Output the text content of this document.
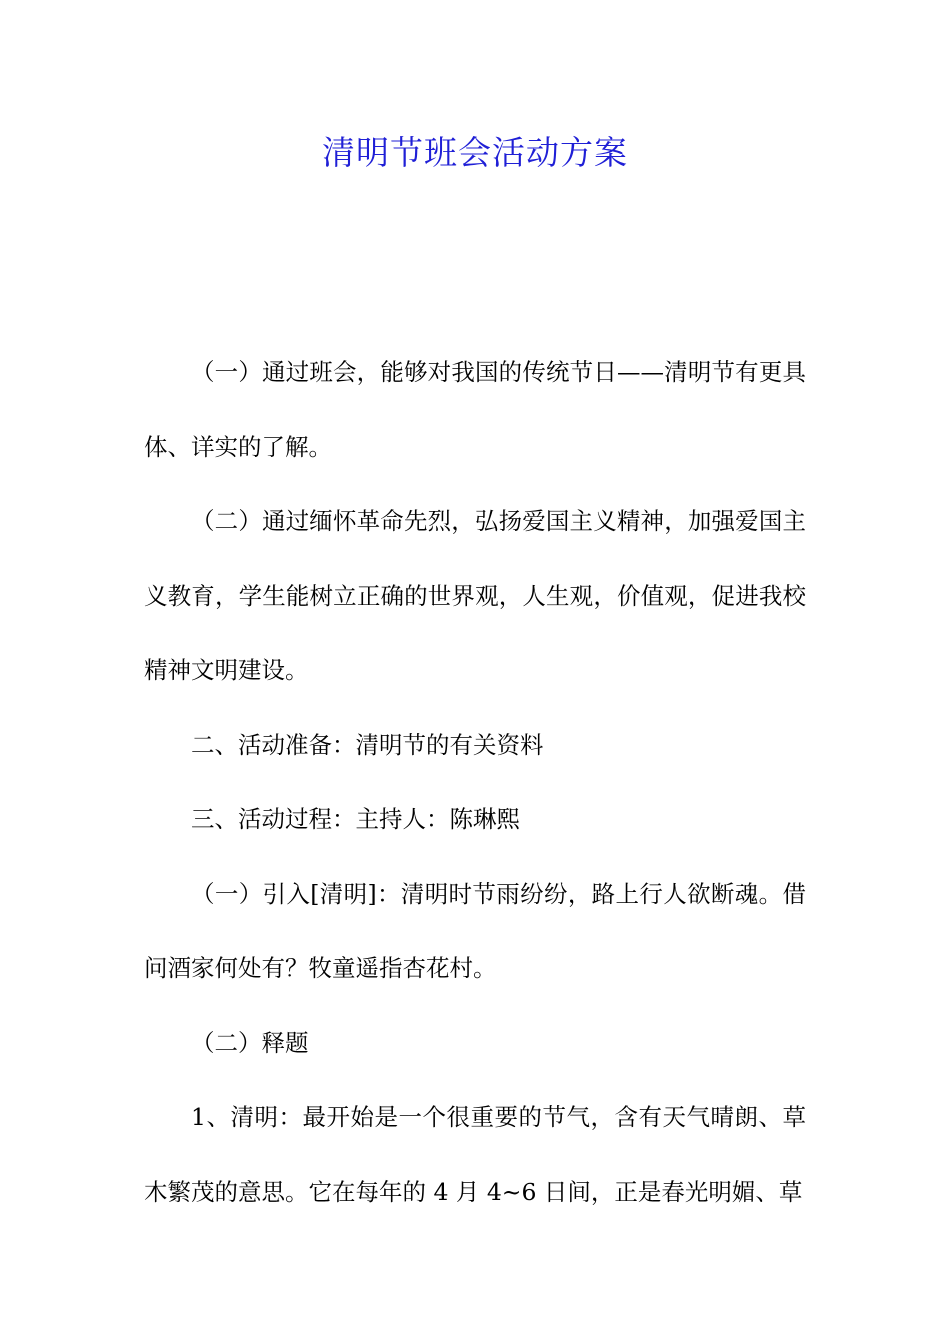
清明节班会活动方案

（一）通过班会，能够对我国的传统节日——清明节有更具体、详实的了解。

（二）通过缅怀革命先烈，弘扬爱国主义精神，加强爱国主义教育，学生能树立正确的世界观，人生观，价值观，促进我校精神文明建设。

二、活动准备：清明节的有关资料

三、活动过程：主持人：陈琳熙

（一）引入[清明]：清明时节雨纷纷，路上行人欲断魂。借问酒家何处有？牧童遥指杏花村。

（二）释题

1、清明：最开始是一个很重要的节气，含有天气晴朗、草木繁茂的意思。它在每年的 4 月 4~6 日间，正是春光明媚、草
